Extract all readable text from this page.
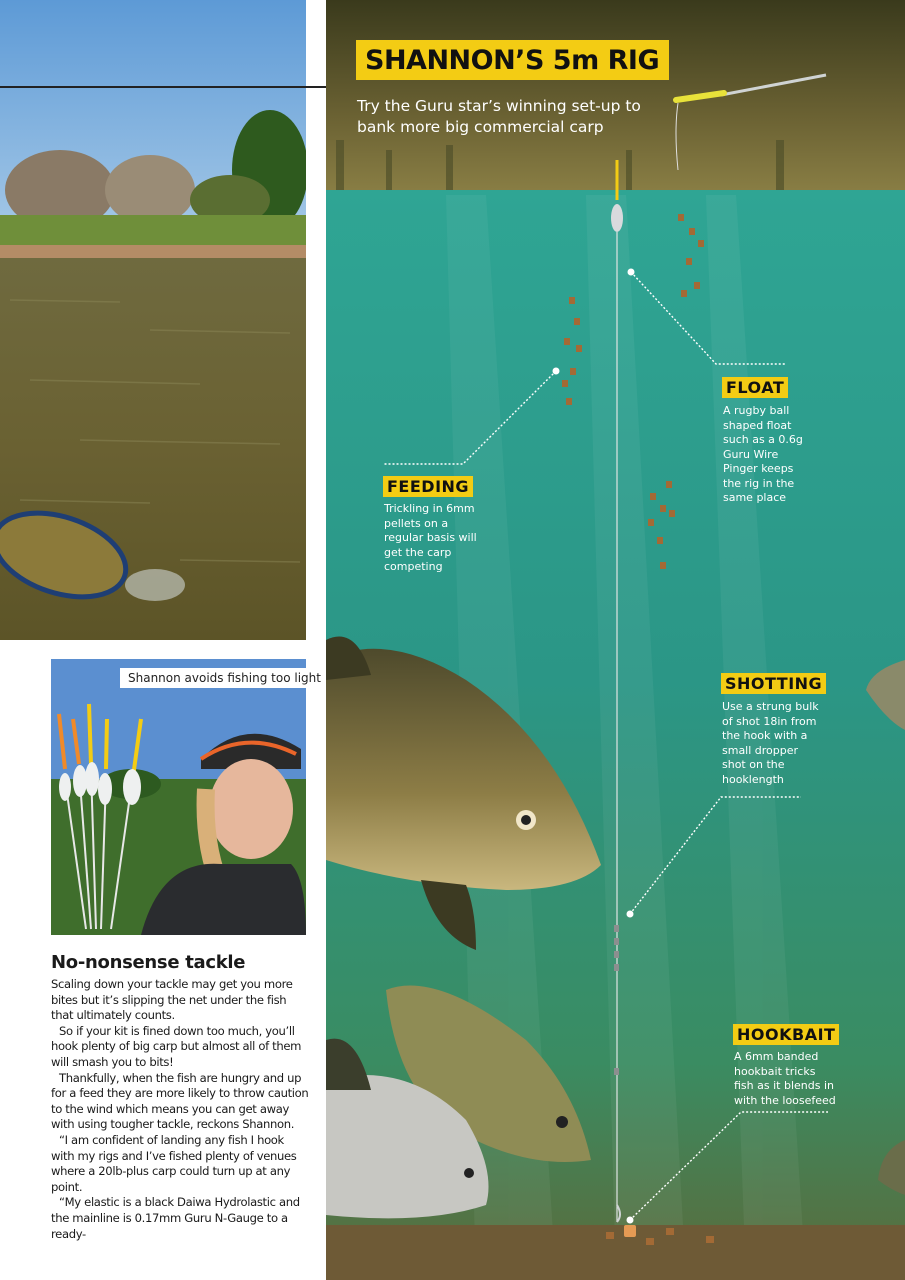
Shannon avoids fishing too light
No-nonsense tackle

Scaling down your tackle may get you more bites but it’s slipping the net under the fish that ultimately counts.

So if your kit is fined down too much, you’ll hook plenty of big carp but almost all of them will smash you to bits!

Thankfully, when the fish are hungry and up for a feed they are more likely to throw caution to the wind which means you can get away with using tougher tackle, reckons Shannon.

“I am confident of landing any fish I hook with my rigs and I’ve fished plenty of venues where a 20lb-plus carp could turn up at any point.

“My elastic is a black Daiwa Hydrolastic and the mainline is 0.17mm Guru N-Gauge to a ready-

SHANNON’S 5m RIG
Try the Guru star’s winning set-up to bank more big commercial carp
FLOAT
A rugby ball shaped float such as a 0.6g Guru Wire Pinger keeps the rig in the same place
FEEDING
Trickling in 6mm pellets on a regular basis will get the carp competing
SHOTTING
Use a strung bulk of shot 18in from the hook with a small dropper shot on the hooklength
HOOKBAIT
A 6mm banded hookbait tricks fish as it blends in with the loosefeed
